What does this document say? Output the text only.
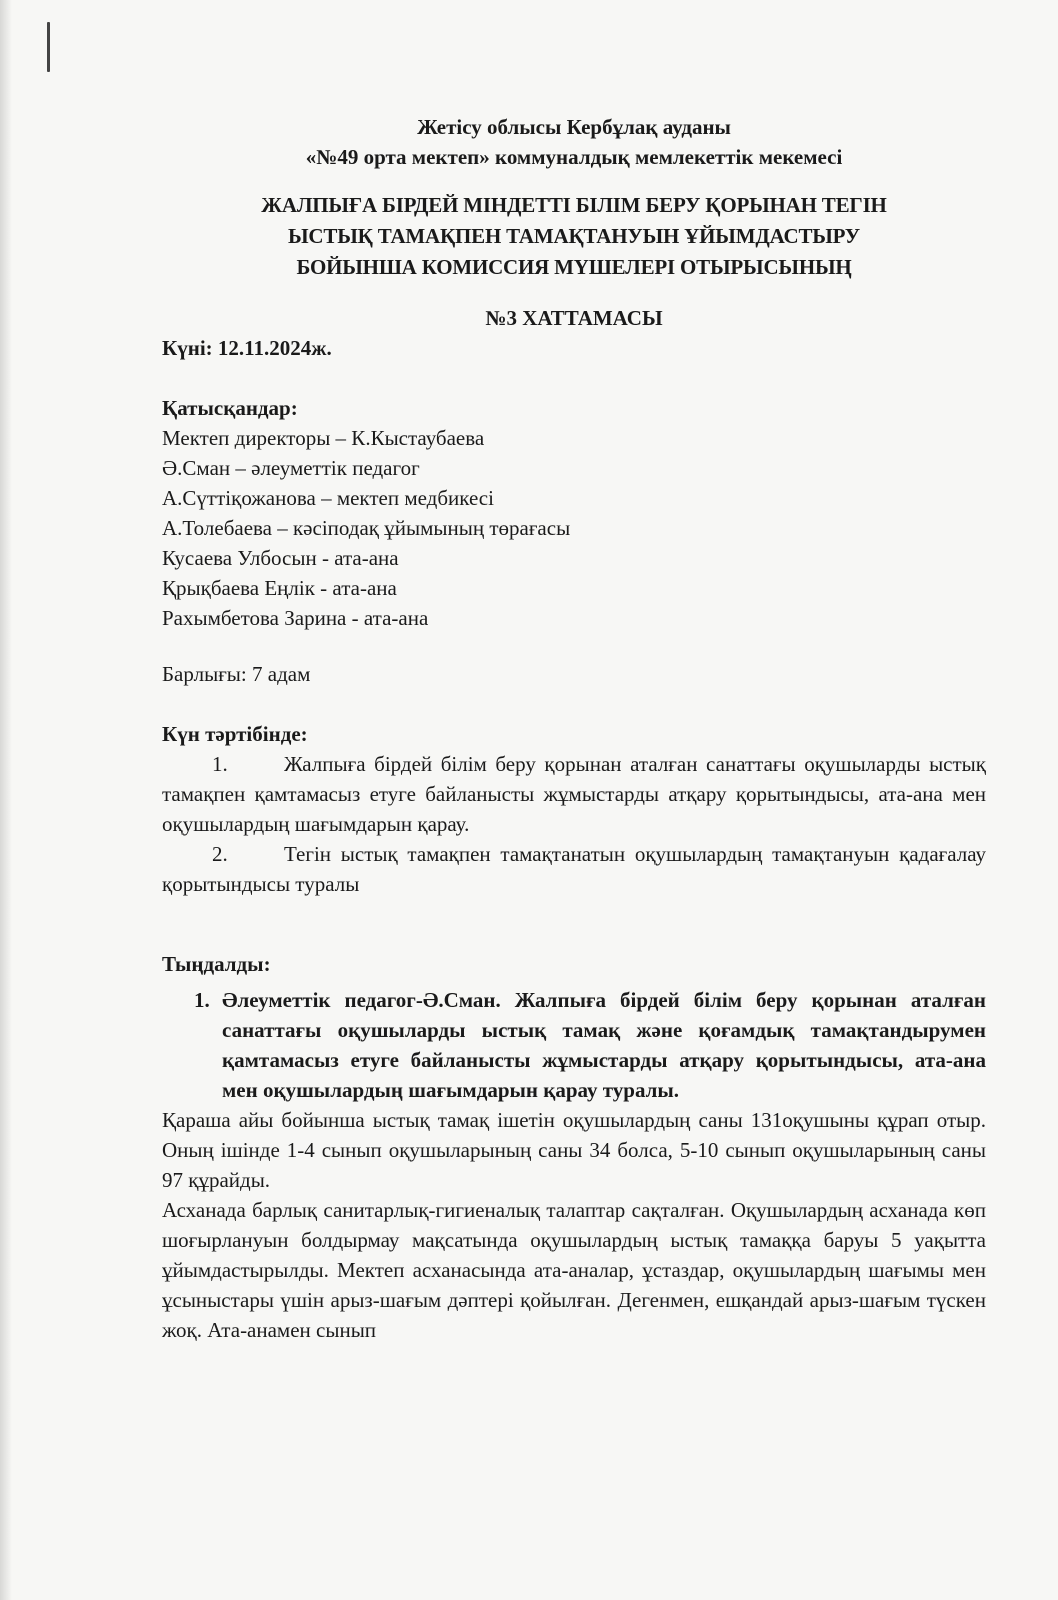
Жетісу облысы Кербұлақ ауданы
«№49 орта мектеп» коммуналдық мемлекеттік мекемесі
ЖАЛПЫҒА БІРДЕЙ МІНДЕТТІ БІЛІМ БЕРУ ҚОРЫНАН ТЕГІН
ЫСТЫҚ ТАМАҚПЕН ТАМАҚТАНУЫН ҰЙЫМДАСТЫРУ
БОЙЫНША КОМИССИЯ МҮШЕЛЕРІ ОТЫРЫСЫНЫҢ
№3 ХАТТАМАСЫ
Күні: 12.11.2024ж.
Қатысқандар:
Мектеп директоры – К.Кыстаубаева
Ә.Сман – әлеуметтік педагог
А.Сүттіқожанова – мектеп медбикесі
А.Толебаева – кәсіподақ ұйымының төрағасы
Кусаева Улбосын - ата-ана
Қрықбаева Еңлік - ата-ана
Рахымбетова Зарина - ата-ана
Барлығы: 7 адам
Күн тәртібінде:
1.	Жалпыға бірдей білім беру қорынан аталған санаттағы оқушыларды ыстық тамақпен қамтамасыз етуге байланысты жұмыстарды атқару қорытындысы, ата-ана мен оқушылардың шағымдарын қарау.
2.	Тегін ыстық тамақпен тамақтанатын оқушылардың тамақтануын қадағалау қорытындысы туралы
Тыңдалды:
1. Әлеуметтік педагог-Ә.Сман. Жалпыға бірдей білім беру қорынан аталған санаттағы оқушыларды ыстық тамақ және қоғамдық тамақтандырумен қамтамасыз етуге байланысты жұмыстарды атқару қорытындысы, ата-ана мен оқушылардың шағымдарын қарау туралы.
Қараша айы бойынша ыстық тамақ ішетін оқушылардың саны 131оқушыны құрап отыр. Оның ішінде 1-4 сынып оқушыларының саны 34 болса, 5-10 сынып оқушыларының саны 97 құрайды.
Асханада барлық санитарлық-гигиеналық талаптар сақталған. Оқушылардың асханада көп шоғырлануын болдырмау мақсатында оқушылардың ыстық тамаққа баруы 5 уақытта ұйымдастырылды. Мектеп асханасында ата-аналар, ұстаздар, оқушылардың шағымы мен ұсыныстары үшін арыз-шағым дәптері қойылған. Дегенмен, ешқандай арыз-шағым түскен жоқ. Ата-анамен сынып
